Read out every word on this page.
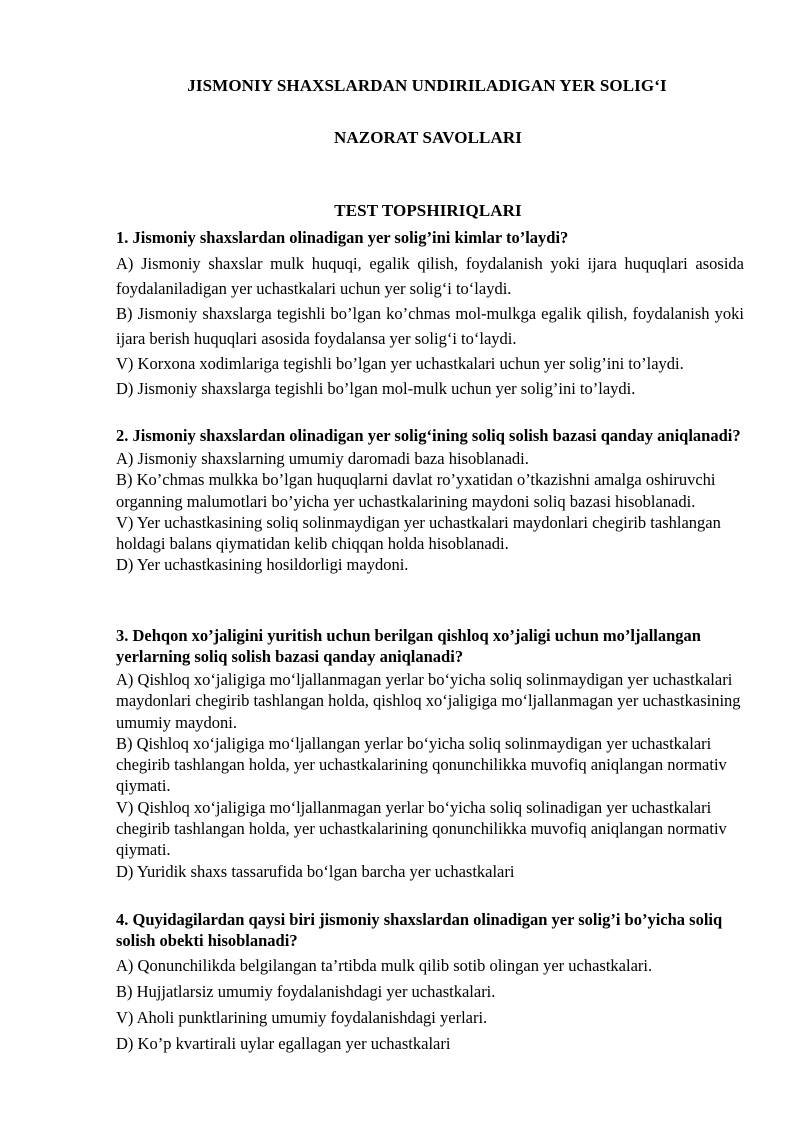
JISMONIY SHAXSLARDAN UNDIRILADIGAN YER SOLIG‘I
NAZORAT SAVOLLARI
TEST TOPSHIRIQLARI

1. Jismoniy shaxslardan olinadigan yer solig’ini kimlar to’laydi?

A) Jismoniy shaxslar mulk huquqi, egalik qilish, foydalanish yoki ijara huquqlari asosida foydalaniladigan yer uchastkalari uchun yer solig‘i to‘laydi.

B) Jismoniy shaxslarga tegishli bo’lgan ko’chmas mol-mulkga egalik qilish, foydalanish yoki ijara berish huquqlari asosida foydalansa yer solig‘i to‘laydi.

V) Korxona xodimlariga tegishli bo’lgan yer uchastkalari uchun yer solig’ini to’laydi.

D) Jismoniy shaxslarga tegishli bo’lgan mol-mulk uchun yer solig’ini to’laydi.

2. Jismoniy shaxslardan olinadigan yer solig‘ining soliq solish bazasi qanday aniqlanadi?

A) Jismoniy shaxslarning umumiy daromadi baza hisoblanadi.

B) Ko’chmas mulkka bo’lgan huquqlarni davlat ro’yxatidan o’tkazishni amalga oshiruvchi organning malumotlari bo’yicha yer uchastkalarining maydoni soliq bazasi hisoblanadi.

V) Yer uchastkasining soliq solinmaydigan yer uchastkalari maydonlari chegirib tashlangan holdagi balans qiymatidan kelib chiqqan holda hisoblanadi.

D) Yer uchastkasining hosildorligi maydoni.

3. Dehqon xo’jaligini yuritish uchun berilgan qishloq xo’jaligi uchun mo’ljallangan yerlarning soliq solish bazasi qanday aniqlanadi?

A) Qishloq xo‘jaligiga mo‘ljallanmagan yerlar bo‘yicha soliq solinmaydigan yer uchastkalari maydonlari chegirib tashlangan holda, qishloq xo‘jaligiga mo‘ljallanmagan yer uchastkasining umumiy maydoni.

B) Qishloq xo‘jaligiga mo‘ljallangan yerlar bo‘yicha soliq solinmaydigan yer uchastkalari chegirib tashlangan holda, yer uchastkalarining qonunchilikka muvofiq aniqlangan normativ qiymati.

V) Qishloq xo‘jaligiga mo‘ljallanmagan yerlar bo‘yicha soliq solinadigan yer uchastkalari chegirib tashlangan holda, yer uchastkalarining qonunchilikka muvofiq aniqlangan normativ qiymati.

D) Yuridik shaxs tassarufida bo‘lgan barcha yer uchastkalari

4. Quyidagilardan qaysi biri jismoniy shaxslardan olinadigan yer solig’i bo’yicha soliq solish obekti hisoblanadi?

A) Qonunchilikda belgilangan ta’rtibda mulk qilib sotib olingan yer uchastkalari.

B) Hujjatlarsiz umumiy foydalanishdagi yer uchastkalari.

V) Aholi punktlarining umumiy foydalanishdagi yerlari.

D) Ko’p kvartirali uylar egallagan yer uchastkalari
